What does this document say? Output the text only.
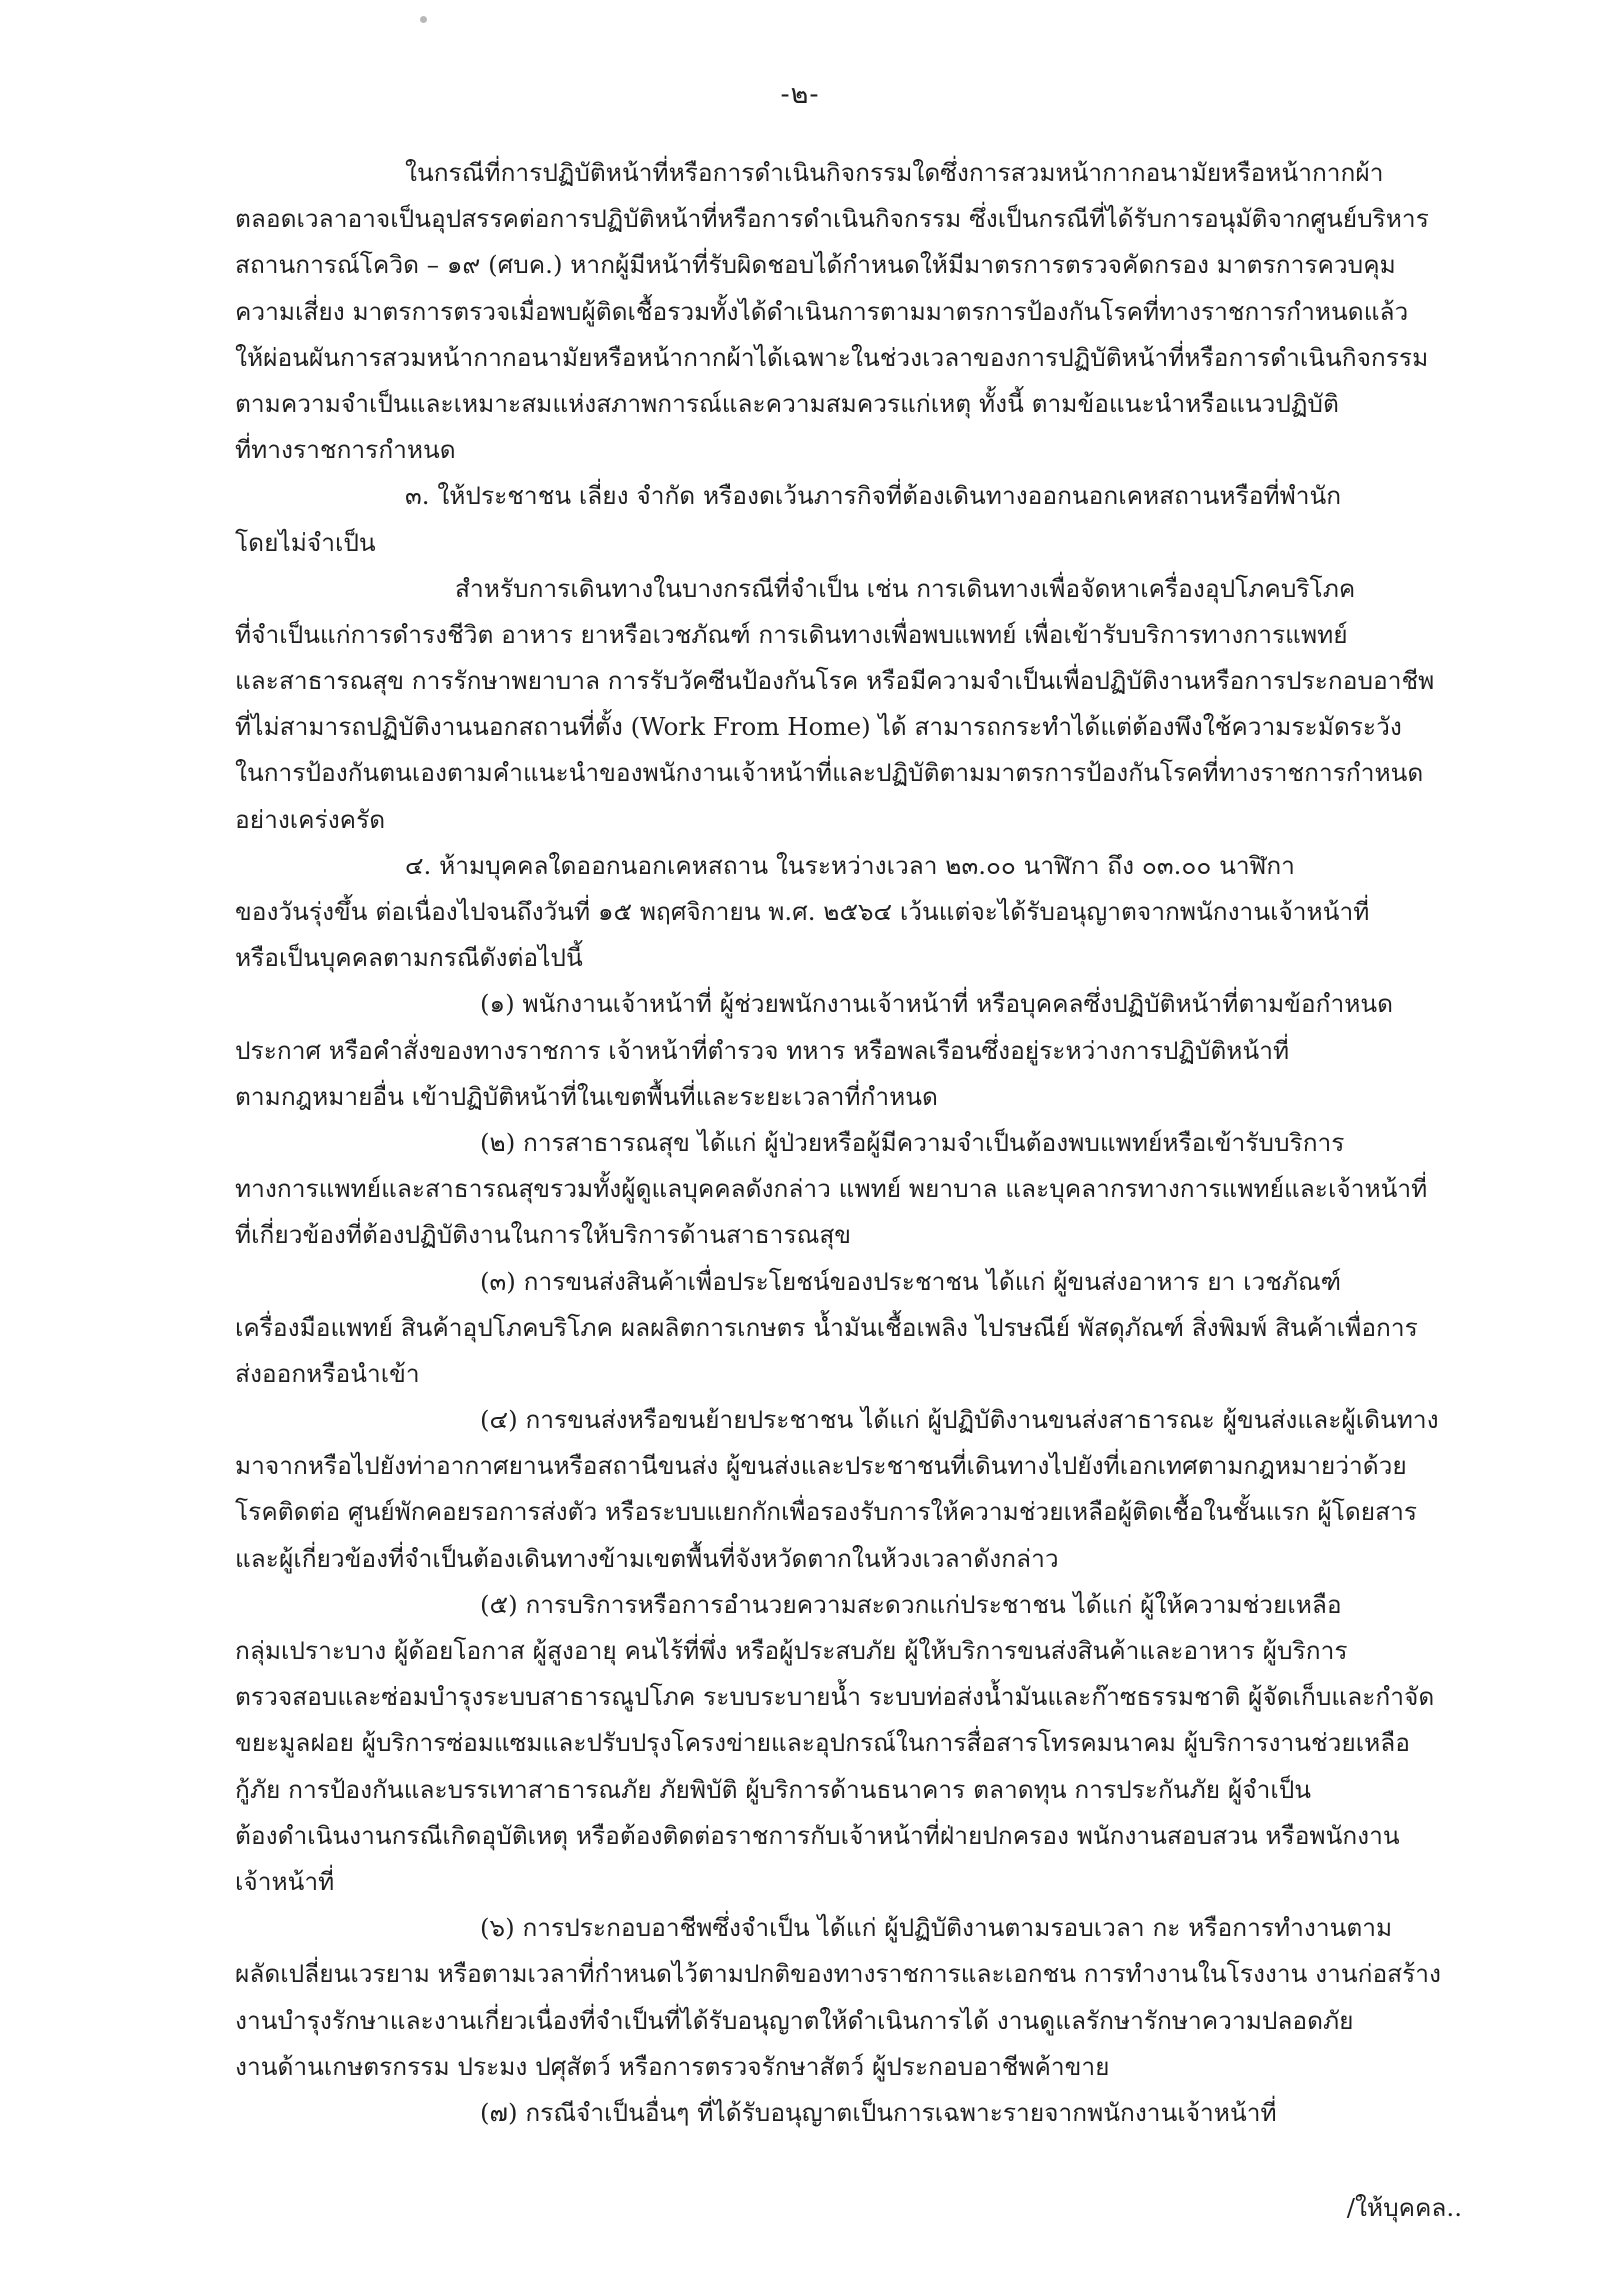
-๒-
ในกรณีที่การปฏิบัติหน้าที่หรือการดำเนินกิจกรรมใดซึ่งการสวมหน้ากากอนามัยหรือหน้ากากผ้า
ตลอดเวลาอาจเป็นอุปสรรคต่อการปฏิบัติหน้าที่หรือการดำเนินกิจกรรม ซึ่งเป็นกรณีที่ได้รับการอนุมัติจากศูนย์บริหาร
สถานการณ์โควิด – ๑๙ (ศบค.) หากผู้มีหน้าที่รับผิดชอบได้กำหนดให้มีมาตรการตรวจคัดกรอง มาตรการควบคุม
ความเสี่ยง มาตรการตรวจเมื่อพบผู้ติดเชื้อรวมทั้งได้ดำเนินการตามมาตรการป้องกันโรคที่ทางราชการกำหนดแล้ว
ให้ผ่อนผันการสวมหน้ากากอนามัยหรือหน้ากากผ้าได้เฉพาะในช่วงเวลาของการปฏิบัติหน้าที่หรือการดำเนินกิจกรรม
ตามความจำเป็นและเหมาะสมแห่งสภาพการณ์และความสมควรแก่เหตุ ทั้งนี้ ตามข้อแนะนำหรือแนวปฏิบัติ
ที่ทางราชการกำหนด
๓. ให้ประชาชน เลี่ยง จำกัด หรืองดเว้นภารกิจที่ต้องเดินทางออกนอกเคหสถานหรือที่พำนัก
โดยไม่จำเป็น
สำหรับการเดินทางในบางกรณีที่จำเป็น เช่น การเดินทางเพื่อจัดหาเครื่องอุปโภคบริโภค
ที่จำเป็นแก่การดำรงชีวิต อาหาร ยาหรือเวชภัณฑ์ การเดินทางเพื่อพบแพทย์ เพื่อเข้ารับบริการทางการแพทย์
และสาธารณสุข การรักษาพยาบาล การรับวัคซีนป้องกันโรค หรือมีความจำเป็นเพื่อปฏิบัติงานหรือการประกอบอาชีพ
ที่ไม่สามารถปฏิบัติงานนอกสถานที่ตั้ง (Work From Home) ได้ สามารถกระทำได้แต่ต้องพึงใช้ความระมัดระวัง
ในการป้องกันตนเองตามคำแนะนำของพนักงานเจ้าหน้าที่และปฏิบัติตามมาตรการป้องกันโรคที่ทางราชการกำหนด
อย่างเคร่งครัด
๔. ห้ามบุคคลใดออกนอกเคหสถาน ในระหว่างเวลา ๒๓.๐๐ นาฬิกา ถึง ๐๓.๐๐ นาฬิกา
ของวันรุ่งขึ้น ต่อเนื่องไปจนถึงวันที่ ๑๕ พฤศจิกายน พ.ศ. ๒๕๖๔ เว้นแต่จะได้รับอนุญาตจากพนักงานเจ้าหน้าที่
หรือเป็นบุคคลตามกรณีดังต่อไปนี้
(๑) พนักงานเจ้าหน้าที่ ผู้ช่วยพนักงานเจ้าหน้าที่ หรือบุคคลซึ่งปฏิบัติหน้าที่ตามข้อกำหนด
ประกาศ หรือคำสั่งของทางราชการ เจ้าหน้าที่ตำรวจ ทหาร หรือพลเรือนซึ่งอยู่ระหว่างการปฏิบัติหน้าที่
ตามกฎหมายอื่น เข้าปฏิบัติหน้าที่ในเขตพื้นที่และระยะเวลาที่กำหนด
(๒) การสาธารณสุข ได้แก่ ผู้ป่วยหรือผู้มีความจำเป็นต้องพบแพทย์หรือเข้ารับบริการ
ทางการแพทย์และสาธารณสุขรวมทั้งผู้ดูแลบุคคลดังกล่าว แพทย์ พยาบาล และบุคลากรทางการแพทย์และเจ้าหน้าที่
ที่เกี่ยวข้องที่ต้องปฏิบัติงานในการให้บริการด้านสาธารณสุข
(๓) การขนส่งสินค้าเพื่อประโยชน์ของประชาชน ได้แก่ ผู้ขนส่งอาหาร ยา เวชภัณฑ์
เครื่องมือแพทย์ สินค้าอุปโภคบริโภค ผลผลิตการเกษตร น้ำมันเชื้อเพลิง ไปรษณีย์ พัสดุภัณฑ์ สิ่งพิมพ์ สินค้าเพื่อการ
ส่งออกหรือนำเข้า
(๔) การขนส่งหรือขนย้ายประชาชน ได้แก่ ผู้ปฏิบัติงานขนส่งสาธารณะ ผู้ขนส่งและผู้เดินทาง
มาจากหรือไปยังท่าอากาศยานหรือสถานีขนส่ง ผู้ขนส่งและประชาชนที่เดินทางไปยังที่เอกเทศตามกฎหมายว่าด้วย
โรคติดต่อ ศูนย์พักคอยรอการส่งตัว หรือระบบแยกกักเพื่อรองรับการให้ความช่วยเหลือผู้ติดเชื้อในชั้นแรก ผู้โดยสาร
และผู้เกี่ยวข้องที่จำเป็นต้องเดินทางข้ามเขตพื้นที่จังหวัดตากในห้วงเวลาดังกล่าว
(๕) การบริการหรือการอำนวยความสะดวกแก่ประชาชน ได้แก่ ผู้ให้ความช่วยเหลือ
กลุ่มเปราะบาง ผู้ด้อยโอกาส ผู้สูงอายุ คนไร้ที่พึ่ง หรือผู้ประสบภัย ผู้ให้บริการขนส่งสินค้าและอาหาร ผู้บริการ
ตรวจสอบและซ่อมบำรุงระบบสาธารณูปโภค ระบบระบายน้ำ ระบบท่อส่งน้ำมันและก๊าซธรรมชาติ ผู้จัดเก็บและกำจัด
ขยะมูลฝอย ผู้บริการซ่อมแซมและปรับปรุงโครงข่ายและอุปกรณ์ในการสื่อสารโทรคมนาคม ผู้บริการงานช่วยเหลือ
กู้ภัย การป้องกันและบรรเทาสาธารณภัย ภัยพิบัติ ผู้บริการด้านธนาคาร ตลาดทุน การประกันภัย ผู้จำเป็น
ต้องดำเนินงานกรณีเกิดอุบัติเหตุ หรือต้องติดต่อราชการกับเจ้าหน้าที่ฝ่ายปกครอง พนักงานสอบสวน หรือพนักงาน
เจ้าหน้าที่
(๖) การประกอบอาชีพซึ่งจำเป็น ได้แก่ ผู้ปฏิบัติงานตามรอบเวลา กะ หรือการทำงานตาม
ผลัดเปลี่ยนเวรยาม หรือตามเวลาที่กำหนดไว้ตามปกติของทางราชการและเอกชน การทำงานในโรงงาน งานก่อสร้าง
งานบำรุงรักษาและงานเกี่ยวเนื่องที่จำเป็นที่ได้รับอนุญาตให้ดำเนินการได้ งานดูแลรักษารักษาความปลอดภัย
งานด้านเกษตรกรรม ประมง ปศุสัตว์ หรือการตรวจรักษาสัตว์ ผู้ประกอบอาชีพค้าขาย
(๗) กรณีจำเป็นอื่นๆ ที่ได้รับอนุญาตเป็นการเฉพาะรายจากพนักงานเจ้าหน้าที่
/ให้บุคคล..
